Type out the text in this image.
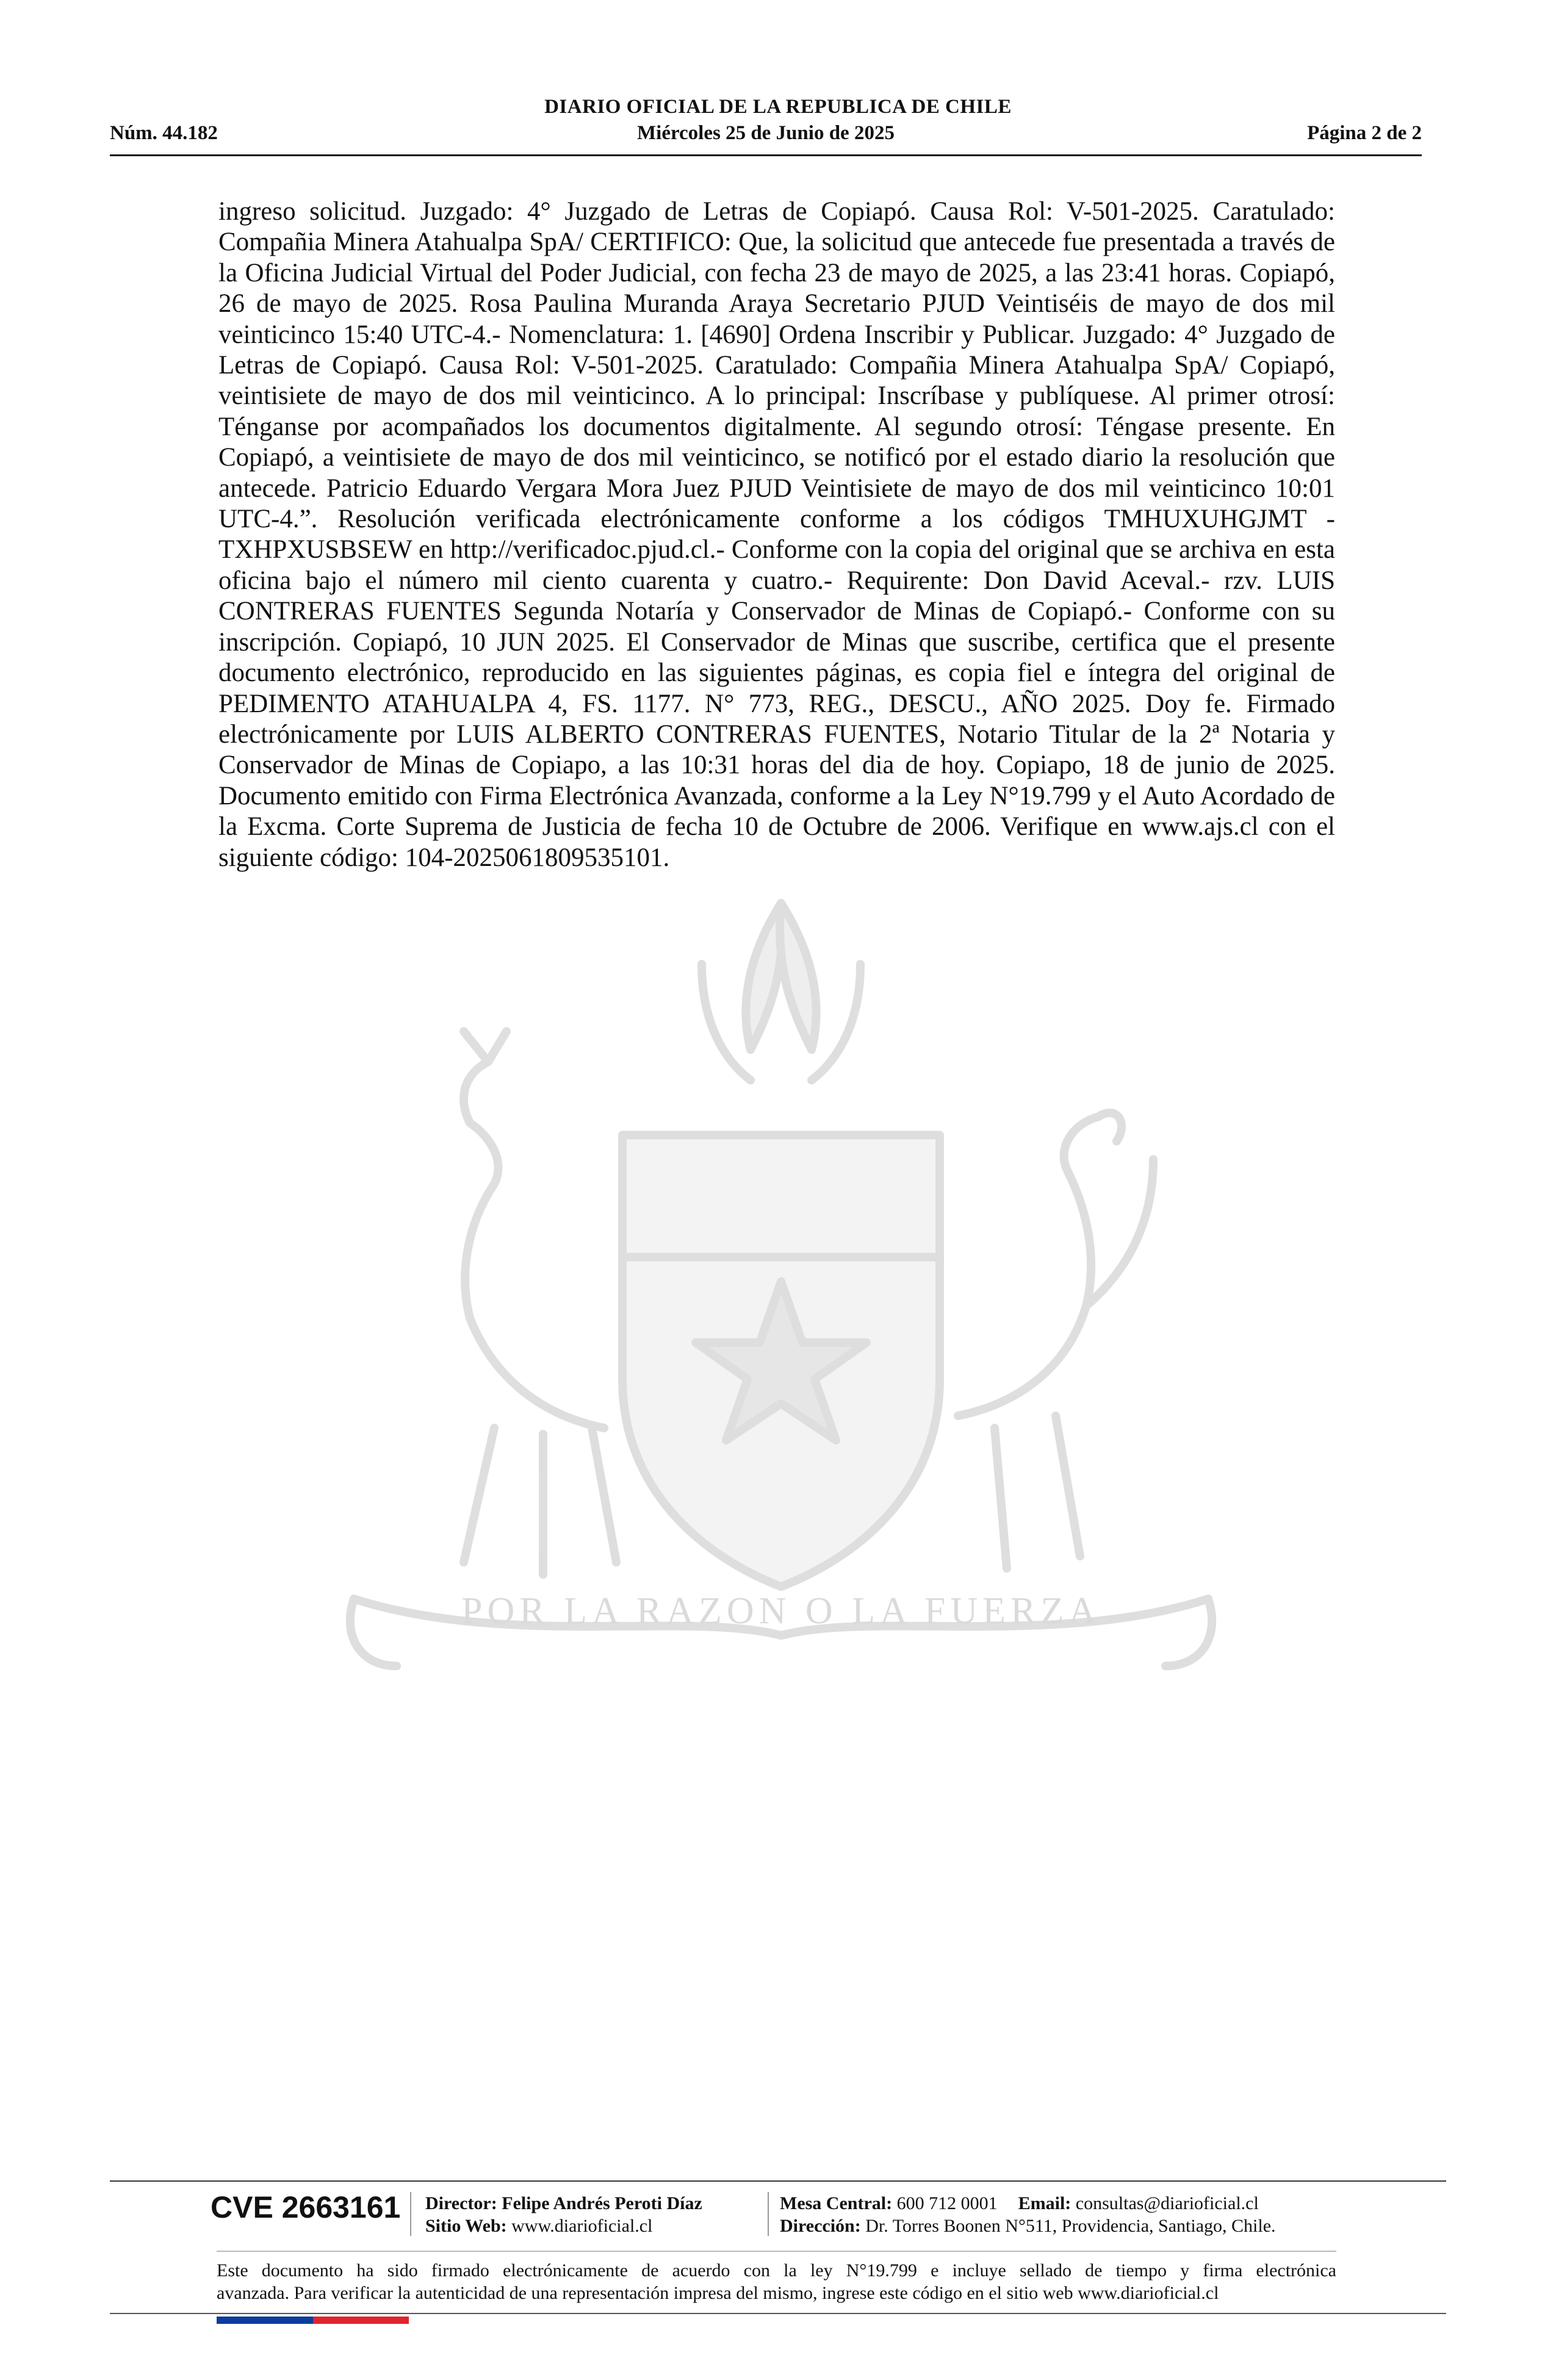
DIARIO OFICIAL DE LA REPUBLICA DE CHILE
Núm. 44.182	Miércoles 25 de Junio de 2025	Página 2 de 2
POR LA RAZON O LA FUERZA
ingreso solicitud. Juzgado: 4° Juzgado de Letras de Copiapó. Causa Rol: V-501-2025. Caratulado: Compañia Minera Atahualpa SpA/ CERTIFICO: Que, la solicitud que antecede fue presentada a través de la Oficina Judicial Virtual del Poder Judicial, con fecha 23 de mayo de 2025, a las 23:41 horas. Copiapó, 26 de mayo de 2025. Rosa Paulina Muranda Araya Secretario PJUD Veintiséis de mayo de dos mil veinticinco 15:40 UTC-4.- Nomenclatura: 1. [4690] Ordena Inscribir y Publicar. Juzgado: 4° Juzgado de Letras de Copiapó. Causa Rol: V-501-2025. Caratulado: Compañia Minera Atahualpa SpA/ Copiapó, veintisiete de mayo de dos mil veinticinco. A lo principal: Inscríbase y publíquese. Al primer otrosí: Ténganse por acompañados los documentos digitalmente. Al segundo otrosí: Téngase presente. En Copiapó, a veintisiete de mayo de dos mil veinticinco, se notificó por el estado diario la resolución que antecede. Patricio Eduardo Vergara Mora Juez PJUD Veintisiete de mayo de dos mil veinticinco 10:01 UTC-4.”. Resolución verificada electrónicamente conforme a los códigos TMHUXUHGJMT - TXHPXUSBSEW en http://verificadoc.pjud.cl.- Conforme con la copia del original que se archiva en esta oficina bajo el número mil ciento cuarenta y cuatro.- Requirente: Don David Aceval.- rzv. LUIS CONTRERAS FUENTES Segunda Notaría y Conservador de Minas de Copiapó.- Conforme con su inscripción. Copiapó, 10 JUN 2025. El Conservador de Minas que suscribe, certifica que el presente documento electrónico, reproducido en las siguientes páginas, es copia fiel e íntegra del original de PEDIMENTO ATAHUALPA 4, FS. 1177. N° 773, REG., DESCU., AÑO 2025. Doy fe. Firmado electrónicamente por LUIS ALBERTO CONTRERAS FUENTES, Notario Titular de la 2ª Notaria y Conservador de Minas de Copiapo, a las 10:31 horas del dia de hoy. Copiapo, 18 de junio de 2025. Documento emitido con Firma Electrónica Avanzada, conforme a la Ley N°19.799 y el Auto Acordado de la Excma. Corte Suprema de Justicia de fecha 10 de Octubre de 2006. Verifique en www.ajs.cl con el siguiente código: 104-2025061809535101.
CVE 2663161 Director: Felipe Andrés Peroti Díaz
Sitio Web: www.diarioficial.cl
Mesa Central: 600 712 0001 Email: consultas@diarioficial.cl
Dirección: Dr. Torres Boonen N°511, Providencia, Santiago, Chile.
Este documento ha sido firmado electrónicamente de acuerdo con la ley N°19.799 e incluye sellado de tiempo y firma electrónica
avanzada. Para verificar la autenticidad de una representación impresa del mismo, ingrese este código en el sitio web www.diarioficial.cl
